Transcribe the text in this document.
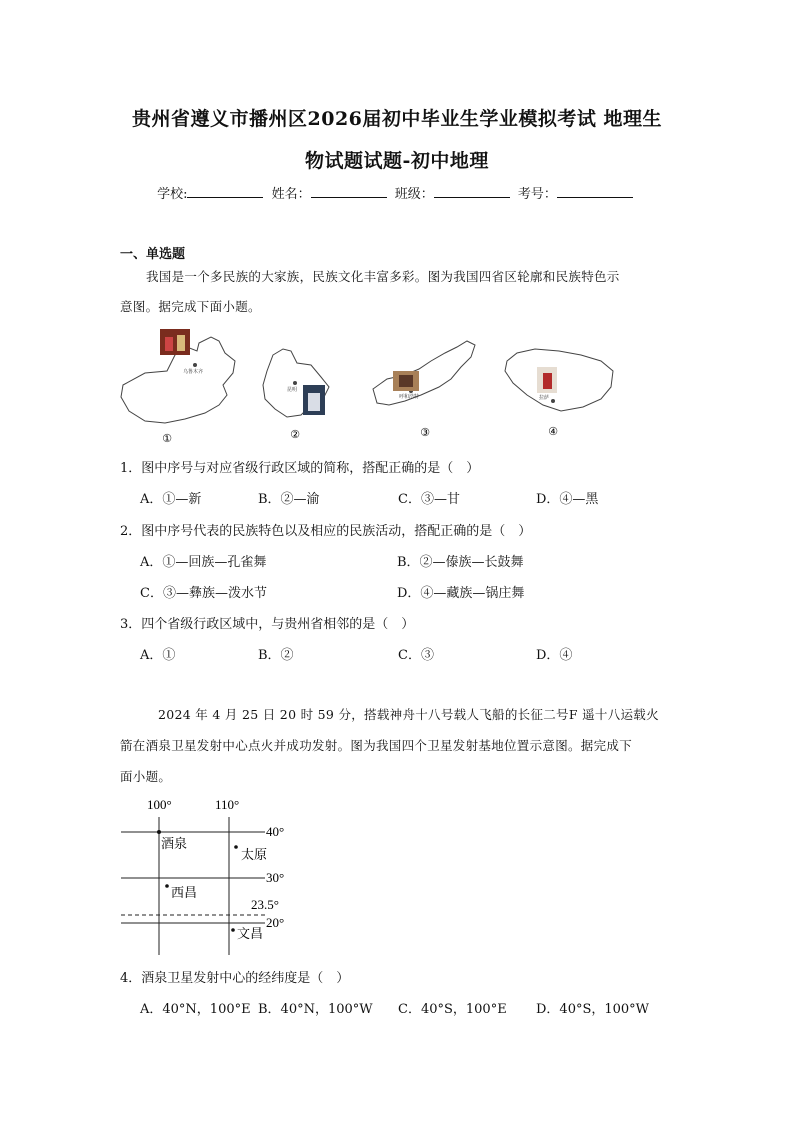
贵州省遵义市播州区2026届初中毕业生学业模拟考试 地理生
物试题试题-初中地理
学校:	姓名：	班级：	考号：
一、单选题
我国是一个多民族的大家族，民族文化丰富多彩。图为我国四省区轮廓和民族特色示
意图。据完成下面小题。
乌鲁木齐
昆明
呼和浩特	拉萨
①	②	③	④
1．图中序号与对应省级行政区域的简称，搭配正确的是（　）
A．①—新	B．②—渝	C．③—甘	D．④—黑
2．图中序号代表的民族特色以及相应的民族活动，搭配正确的是（　）
A．①—回族—孔雀舞	B．②—傣族—长鼓舞
C．③—彝族—泼水节	D．④—藏族—锅庄舞
3．四个省级行政区域中，与贵州省相邻的是（　）
A．①	B．②	C．③	D．④
2024 年 4 月 25 日 20 时 59 分，搭载神舟十八号载人飞船的长征二号F 遥十八运载火
箭在酒泉卫星发射中心点火并成功发射。图为我国四个卫星发射基地位置示意图。据完成下
面小题。
100°	110°
40°
30°
23.5°
20°
酒泉
太原
西昌
文昌
4．酒泉卫星发射中心的经纬度是（　）
A．40°N，100°E B．40°N，100°W C．40°S，100°E D．40°S，100°W
